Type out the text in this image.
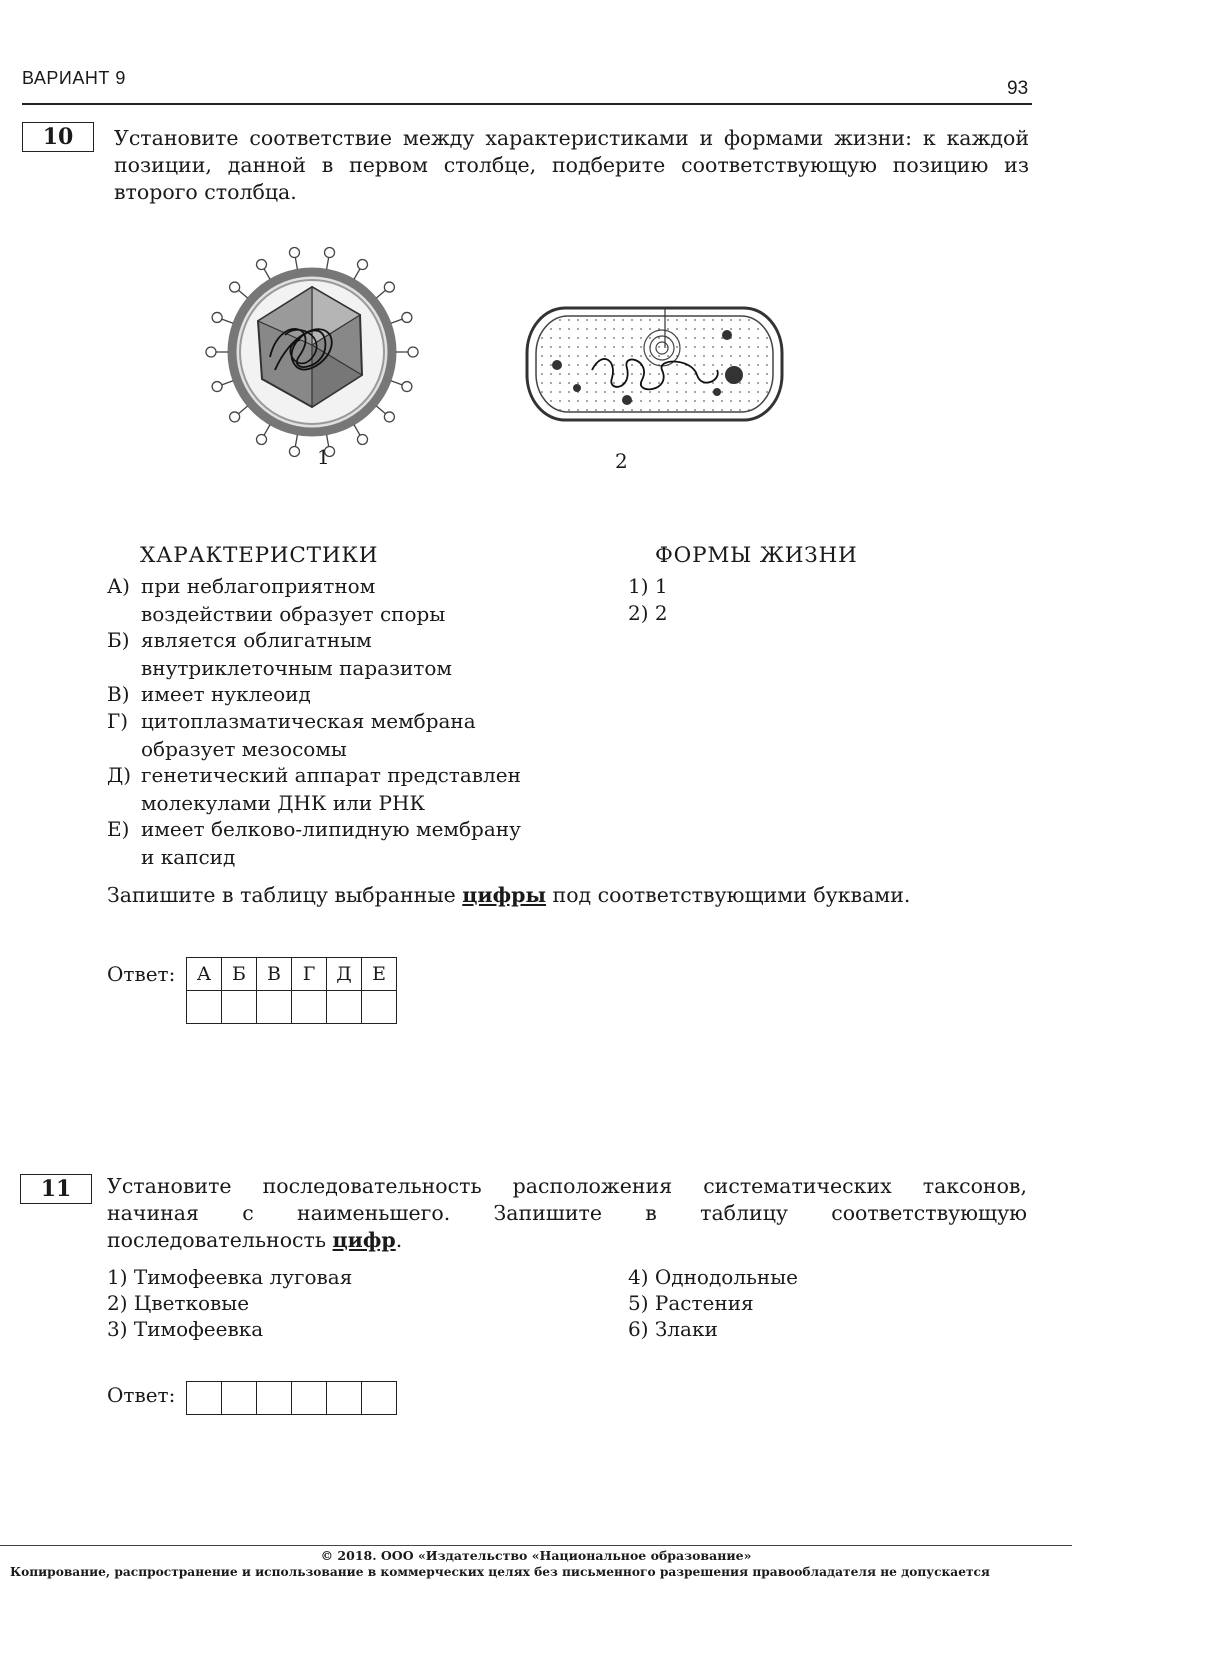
ВАРИАНТ 9	93
10	Установите соответствие между характеристиками и формами жизни: к каждой позиции, данной в первом столбце, подберите соответствующую позицию из второго столбца.
1	2
ХАРАКТЕРИСТИКИ	ФОРМЫ ЖИЗНИ
А) при неблагоприятном
воздействии образует споры
Б) является облигатным
внутриклеточным паразитом
В) имеет нуклеоид
Г) цитоплазматическая мембрана
образует мезосомы
Д) генетический аппарат представлен
молекулами ДНК или РНК
Е) имеет белково-липидную мембрану
и капсид
1) 1
2) 2
Запишите в таблицу выбранные цифры под соответствующими буквами.
Ответ: А	Б	В	Г	Д	Е

11	Установите последовательность расположения систематических таксонов, начиная с наименьшего. Запишите в таблицу соответствующую последовательность цифр.
1) Тимофеевка луговая
2) Цветковые
3) Тимофеевка
4) Однодольные
5) Растения
6) Злаки
Ответ:

© 2018. ООО «Издательство «Национальное образование»
Копирование, распространение и использование в коммерческих целях без письменного разрешения правообладателя не допускается
